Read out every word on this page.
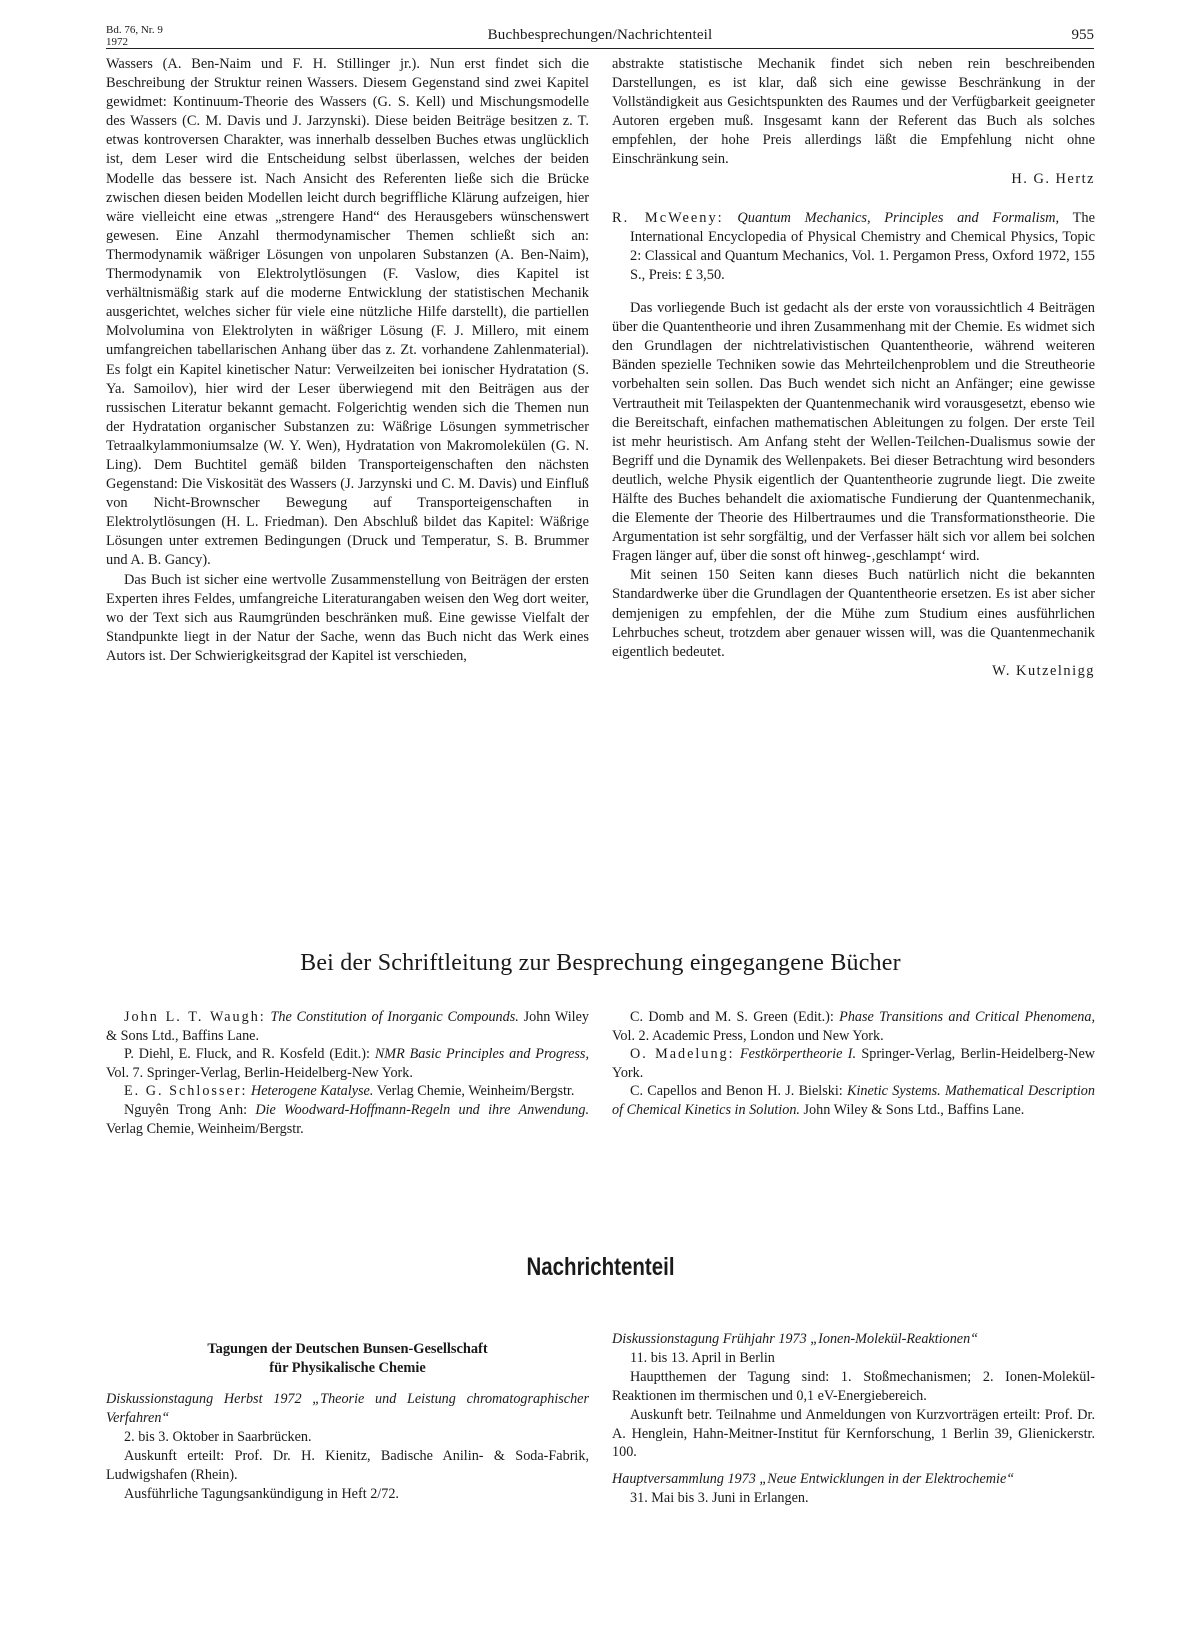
Bd. 76, Nr. 9
1972	Buchbesprechungen/Nachrichtenteil	955

Wassers (A. Ben-Naim und F. H. Stillinger jr.). Nun erst findet sich die Beschreibung der Struktur reinen Wassers. Diesem Gegenstand sind zwei Kapitel gewidmet: Kontinuum-Theorie des Wassers (G. S. Kell) und Mischungsmodelle des Wassers (C. M. Davis und J. Jarzynski). Diese beiden Beiträge besitzen z. T. etwas kontroversen Charakter, was innerhalb desselben Buches etwas unglücklich ist, dem Leser wird die Entscheidung selbst überlassen, welches der beiden Modelle das bessere ist. Nach Ansicht des Referenten ließe sich die Brücke zwischen diesen beiden Modellen leicht durch begriffliche Klärung aufzeigen, hier wäre vielleicht eine etwas „strengere Hand“ des Herausgebers wünschenswert gewesen. Eine Anzahl thermodynamischer Themen schließt sich an: Thermodynamik wäßriger Lösungen von unpolaren Substanzen (A. Ben-Naim), Thermodynamik von Elektrolytlösungen (F. Vaslow, dies Kapitel ist verhältnismäßig stark auf die moderne Entwicklung der statistischen Mechanik ausgerichtet, welches sicher für viele eine nützliche Hilfe darstellt), die partiellen Molvolumina von Elektrolyten in wäßriger Lösung (F. J. Millero, mit einem umfangreichen tabellarischen Anhang über das z. Zt. vorhandene Zahlenmaterial). Es folgt ein Kapitel kinetischer Natur: Verweilzeiten bei ionischer Hydratation (S. Ya. Samoilov), hier wird der Leser überwiegend mit den Beiträgen aus der russischen Literatur bekannt gemacht. Folgerichtig wenden sich die Themen nun der Hydratation organischer Substanzen zu: Wäßrige Lösungen symmetrischer Tetraalkylammoniumsalze (W. Y. Wen), Hydratation von Makromolekülen (G. N. Ling). Dem Buchtitel gemäß bilden Transporteigenschaften den nächsten Gegenstand: Die Viskosität des Wassers (J. Jarzynski und C. M. Davis) und Einfluß von Nicht-Brownscher Bewegung auf Transporteigenschaften in Elektrolytlösungen (H. L. Friedman). Den Abschluß bildet das Kapitel: Wäßrige Lösungen unter extremen Bedingungen (Druck und Temperatur, S. B. Brummer und A. B. Gancy).

Das Buch ist sicher eine wertvolle Zusammenstellung von Beiträgen der ersten Experten ihres Feldes, umfangreiche Literaturangaben weisen den Weg dort weiter, wo der Text sich aus Raumgründen beschränken muß. Eine gewisse Vielfalt der Standpunkte liegt in der Natur der Sache, wenn das Buch nicht das Werk eines Autors ist. Der Schwierigkeitsgrad der Kapitel ist verschieden,

abstrakte statistische Mechanik findet sich neben rein beschreibenden Darstellungen, es ist klar, daß sich eine gewisse Beschränkung in der Vollständigkeit aus Gesichtspunkten des Raumes und der Verfügbarkeit geeigneter Autoren ergeben muß. Insgesamt kann der Referent das Buch als solches empfehlen, der hohe Preis allerdings läßt die Empfehlung nicht ohne Einschränkung sein.

H. G. Hertz

R. McWeeny: Quantum Mechanics, Principles and Formalism, The International Encyclopedia of Physical Chemistry and Chemical Physics, Topic 2: Classical and Quantum Mechanics, Vol. 1. Pergamon Press, Oxford 1972, 155 S., Preis: £ 3,50.

Das vorliegende Buch ist gedacht als der erste von voraussichtlich 4 Beiträgen über die Quantentheorie und ihren Zusammenhang mit der Chemie. Es widmet sich den Grundlagen der nichtrelativistischen Quantentheorie, während weiteren Bänden spezielle Techniken sowie das Mehrteilchenproblem und die Streutheorie vorbehalten sein sollen. Das Buch wendet sich nicht an Anfänger; eine gewisse Vertrautheit mit Teilaspekten der Quantenmechanik wird vorausgesetzt, ebenso wie die Bereitschaft, einfachen mathematischen Ableitungen zu folgen. Der erste Teil ist mehr heuristisch. Am Anfang steht der Wellen-Teilchen-Dualismus sowie der Begriff und die Dynamik des Wellenpakets. Bei dieser Betrachtung wird besonders deutlich, welche Physik eigentlich der Quantentheorie zugrunde liegt. Die zweite Hälfte des Buches behandelt die axiomatische Fundierung der Quantenmechanik, die Elemente der Theorie des Hilbertraumes und die Transformationstheorie. Die Argumentation ist sehr sorgfältig, und der Verfasser hält sich vor allem bei solchen Fragen länger auf, über die sonst oft hinweg-‚geschlampt‘ wird.

Mit seinen 150 Seiten kann dieses Buch natürlich nicht die bekannten Standardwerke über die Grundlagen der Quantentheorie ersetzen. Es ist aber sicher demjenigen zu empfehlen, der die Mühe zum Studium eines ausführlichen Lehrbuches scheut, trotzdem aber genauer wissen will, was die Quantenmechanik eigentlich bedeutet.

W. Kutzelnigg

Bei der Schriftleitung zur Besprechung eingegangene Bücher

John L. T. Waugh: The Constitution of Inorganic Compounds. John Wiley & Sons Ltd., Baffins Lane.

P. Diehl, E. Fluck, and R. Kosfeld (Edit.): NMR Basic Principles and Progress, Vol. 7. Springer-Verlag, Berlin-Heidelberg-New York.

E. G. Schlosser: Heterogene Katalyse. Verlag Chemie, Weinheim/Bergstr.

Nguyên Trong Anh: Die Woodward-Hoffmann-Regeln und ihre Anwendung. Verlag Chemie, Weinheim/Bergstr.

C. Domb and M. S. Green (Edit.): Phase Transitions and Critical Phenomena, Vol. 2. Academic Press, London und New York.

O. Madelung: Festkörpertheorie I. Springer-Verlag, Berlin-Heidelberg-New York.

C. Capellos and Benon H. J. Bielski: Kinetic Systems. Mathematical Description of Chemical Kinetics in Solution. John Wiley & Sons Ltd., Baffins Lane.

Nachrichtenteil
Tagungen der Deutschen Bunsen-Gesellschaft
für Physikalische Chemie

Diskussionstagung Herbst 1972 „Theorie und Leistung chromatographischer Verfahren“

2. bis 3. Oktober in Saarbrücken.

Auskunft erteilt: Prof. Dr. H. Kienitz, Badische Anilin- & Soda-Fabrik, Ludwigshafen (Rhein).

Ausführliche Tagungsankündigung in Heft 2/72.

Diskussionstagung Frühjahr 1973 „Ionen-Molekül-Reaktionen“

11. bis 13. April in Berlin

Hauptthemen der Tagung sind: 1. Stoßmechanismen; 2. Ionen-Molekül-Reaktionen im thermischen und 0,1 eV-Energiebereich.

Auskunft betr. Teilnahme und Anmeldungen von Kurzvorträgen erteilt: Prof. Dr. A. Henglein, Hahn-Meitner-Institut für Kernforschung, 1 Berlin 39, Glienickerstr. 100.

Hauptversammlung 1973 „Neue Entwicklungen in der Elektrochemie“

31. Mai bis 3. Juni in Erlangen.
